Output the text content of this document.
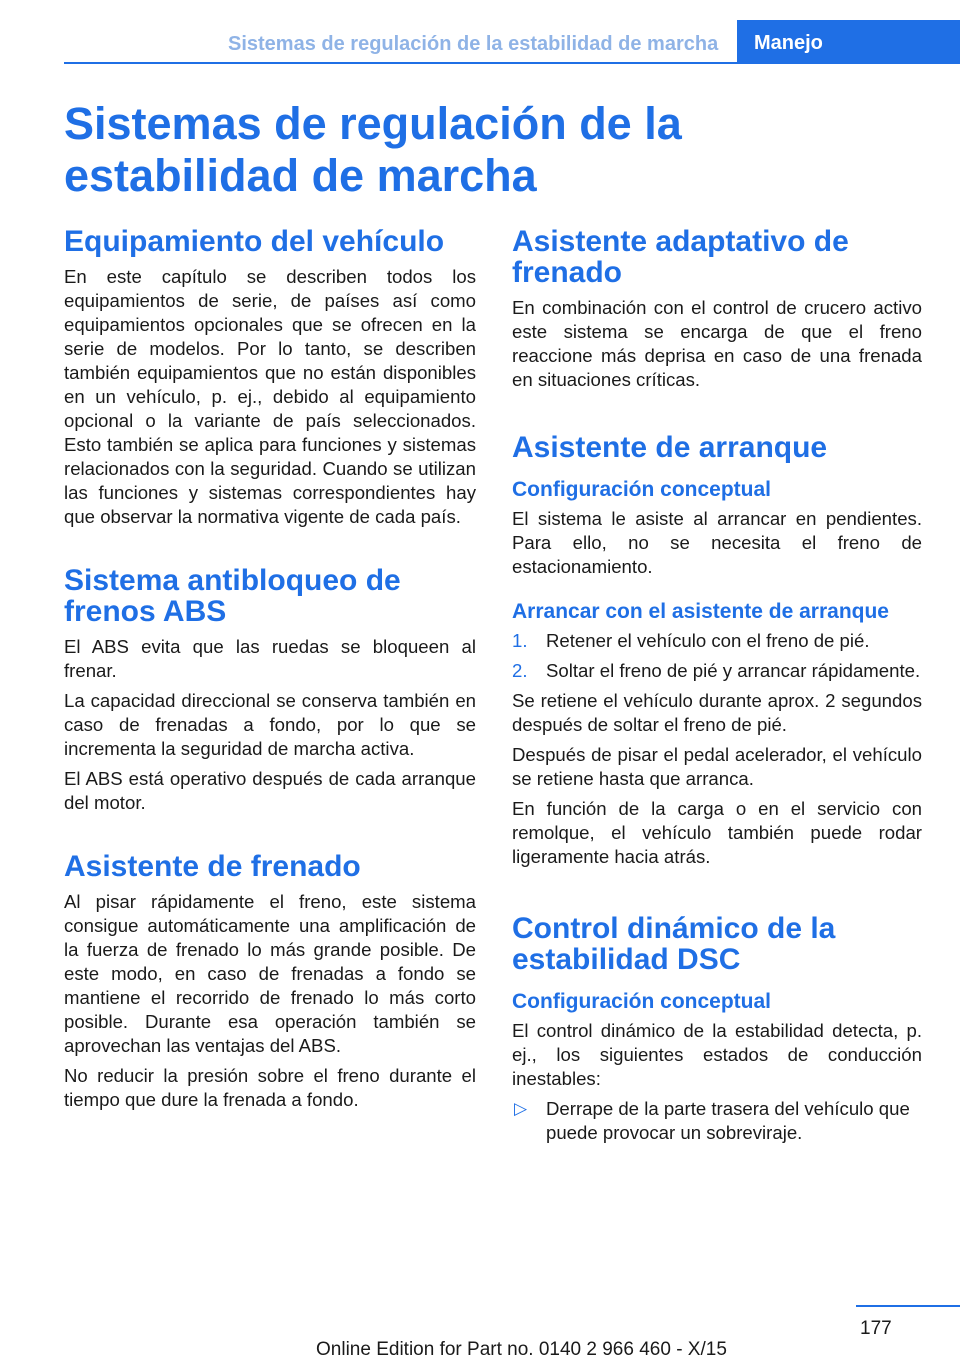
Sistemas de regulación de la estabilidad de marcha	Manejo
Sistemas de regulación de la estabilidad de marcha
Equipamiento del vehículo

En este capítulo se describen todos los equipamientos de serie, de países así como equipamientos opcionales que se ofrecen en la serie de modelos. Por lo tanto, se describen también equipamientos que no están disponibles en un vehículo, p. ej., debido al equipamiento opcional o la variante de país seleccionados. Esto también se aplica para funciones y sistemas relacionados con la seguridad. Cuando se utilizan las funciones y sistemas correspondientes hay que observar la normativa vigente de cada país.

Sistema antibloqueo de frenos ABS

El ABS evita que las ruedas se bloqueen al frenar.

La capacidad direccional se conserva también en caso de frenadas a fondo, por lo que se incrementa la seguridad de marcha activa.

El ABS está operativo después de cada arranque del motor.

Asistente de frenado

Al pisar rápidamente el freno, este sistema consigue automáticamente una amplificación de la fuerza de frenado lo más grande posible. De este modo, en caso de frenadas a fondo se mantiene el recorrido de frenado lo más corto posible. Durante esa operación también se aprovechan las ventajas del ABS.

No reducir la presión sobre el freno durante el tiempo que dure la frenada a fondo.

Asistente adaptativo de frenado

En combinación con el control de crucero activo este sistema se encarga de que el freno reaccione más deprisa en caso de una frenada en situaciones críticas.

Asistente de arranque
Configuración conceptual

El sistema le asiste al arrancar en pendientes. Para ello, no se necesita el freno de estacionamiento.

Arrancar con el asistente de arranque
1. Retener el vehículo con el freno de pié.
2. Soltar el freno de pié y arrancar rápidamente.

Se retiene el vehículo durante aprox. 2 segundos después de soltar el freno de pié.

Después de pisar el pedal acelerador, el vehículo se retiene hasta que arranca.

En función de la carga o en el servicio con remolque, el vehículo también puede rodar ligeramente hacia atrás.

Control dinámico de la estabilidad DSC
Configuración conceptual

El control dinámico de la estabilidad detecta, p. ej., los siguientes estados de conducción inestables:

▷ Derrape de la parte trasera del vehículo que puede provocar un sobreviraje.
177
Online Edition for Part no. 0140 2 966 460 - X/15
